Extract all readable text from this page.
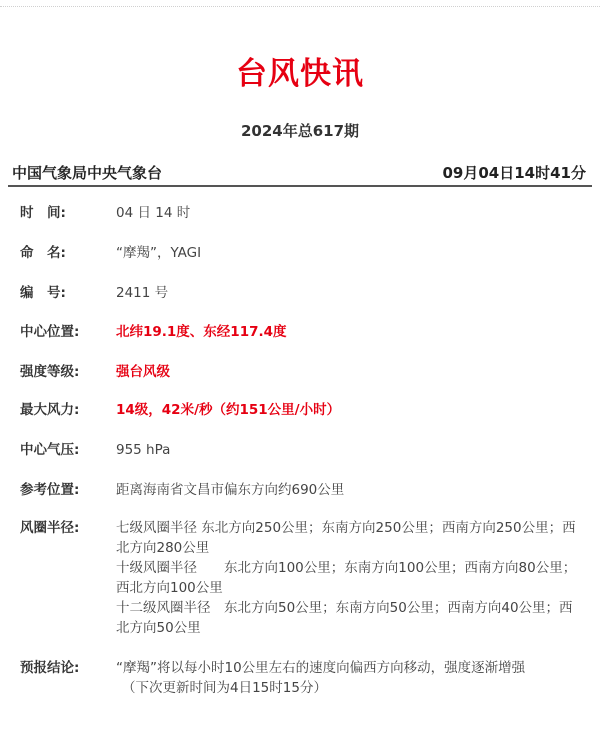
台风快讯
2024年总617期
中国气象局中央气象台	09月04日14时41分
时　间:	04 日 14 时
命　名:	“摩羯”，YAGI
编　号:	2411 号
中心位置:	北纬19.1度、东经117.4度
强度等级:	强台风级
最大风力:	14级，42米/秒（约151公里/小时）
中心气压:	955 hPa
参考位置:	距离海南省文昌市偏东方向约690公里
风圈半径:	七级风圈半径 东北方向250公里；东南方向250公里；西南方向250公里；西北方向280公里

十级风圈半径　　东北方向100公里；东南方向100公里；西南方向80公里；西北方向100公里

十二级风圈半径　东北方向50公里；东南方向50公里；西南方向40公里；西北方向50公里

预报结论:	“摩羯”将以每小时10公里左右的速度向偏西方向移动，强度逐渐增强

（下次更新时间为4日15时15分）
